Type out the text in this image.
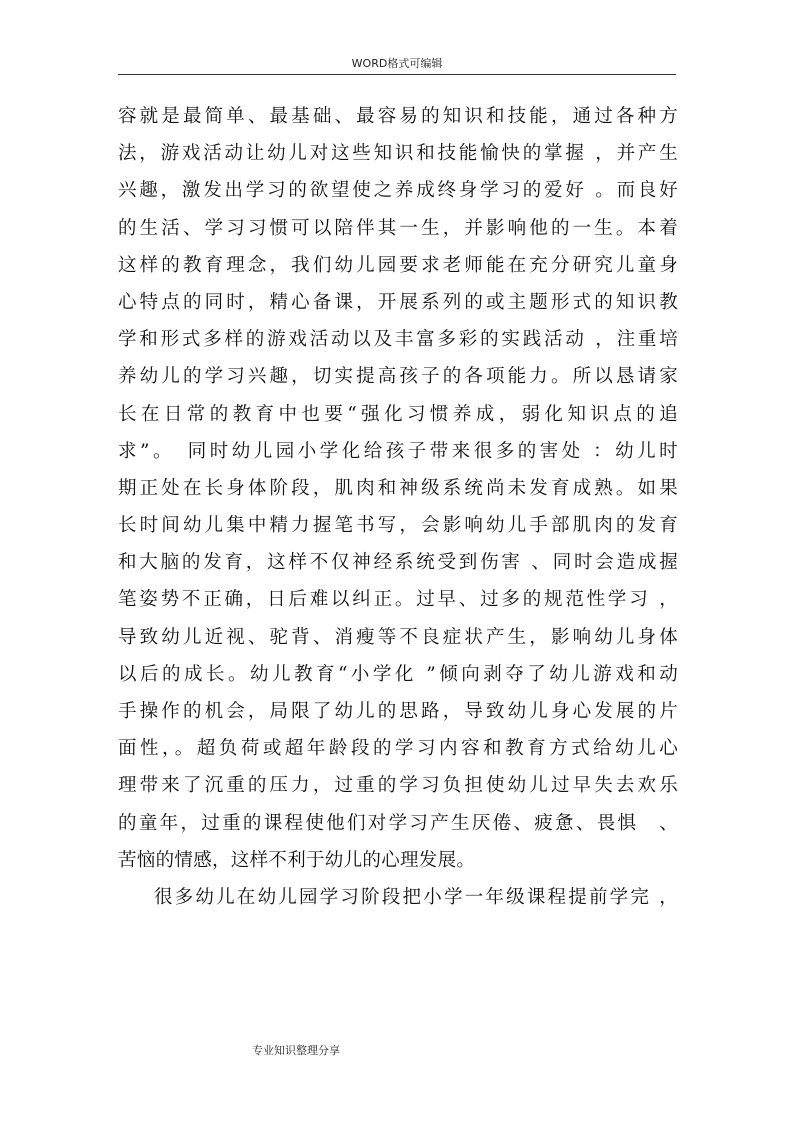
WORD格式可编辑
容就是最简单、最基础、最容易的知识和技能，通过各种方
法，游戏活动让幼儿对这些知识和技能愉快的掌握 ，并产生
兴趣，激发出学习的欲望使之养成终身学习的爱好 。而良好
的生活、学习习惯可以陪伴其一生，并影响他的一生。本着
这样的教育理念，我们幼儿园要求老师能在充分研究儿童身
心特点的同时，精心备课，开展系列的或主题形式的知识教
学和形式多样的游戏活动以及丰富多彩的实践活动 ，注重培
养幼儿的学习兴趣，切实提高孩子的各项能力。所以恳请家
长在日常的教育中也要“强化习惯养成，弱化知识点的追
求”。　同时幼儿园小学化给孩子带来很多的害处 ：幼儿时
期正处在长身体阶段，肌肉和神级系统尚未发育成熟。如果
长时间幼儿集中精力握笔书写，会影响幼儿手部肌肉的发育
和大脑的发育，这样不仅神经系统受到伤害 、同时会造成握
笔姿势不正确，日后难以纠正。过早、过多的规范性学习 ，
导致幼儿近视、驼背、消瘦等不良症状产生，影响幼儿身体
以后的成长。幼儿教育“小学化 ”倾向剥夺了幼儿游戏和动
手操作的机会，局限了幼儿的思路，导致幼儿身心发展的片
面性，。超负荷或超年龄段的学习内容和教育方式给幼儿心
理带来了沉重的压力，过重的学习负担使幼儿过早失去欢乐
的童年，过重的课程使他们对学习产生厌倦、疲惫、畏惧　、
苦恼的情感，这样不利于幼儿的心理发展。
很多幼儿在幼儿园学习阶段把小学一年级课程提前学完 ，
专业知识整理分享
